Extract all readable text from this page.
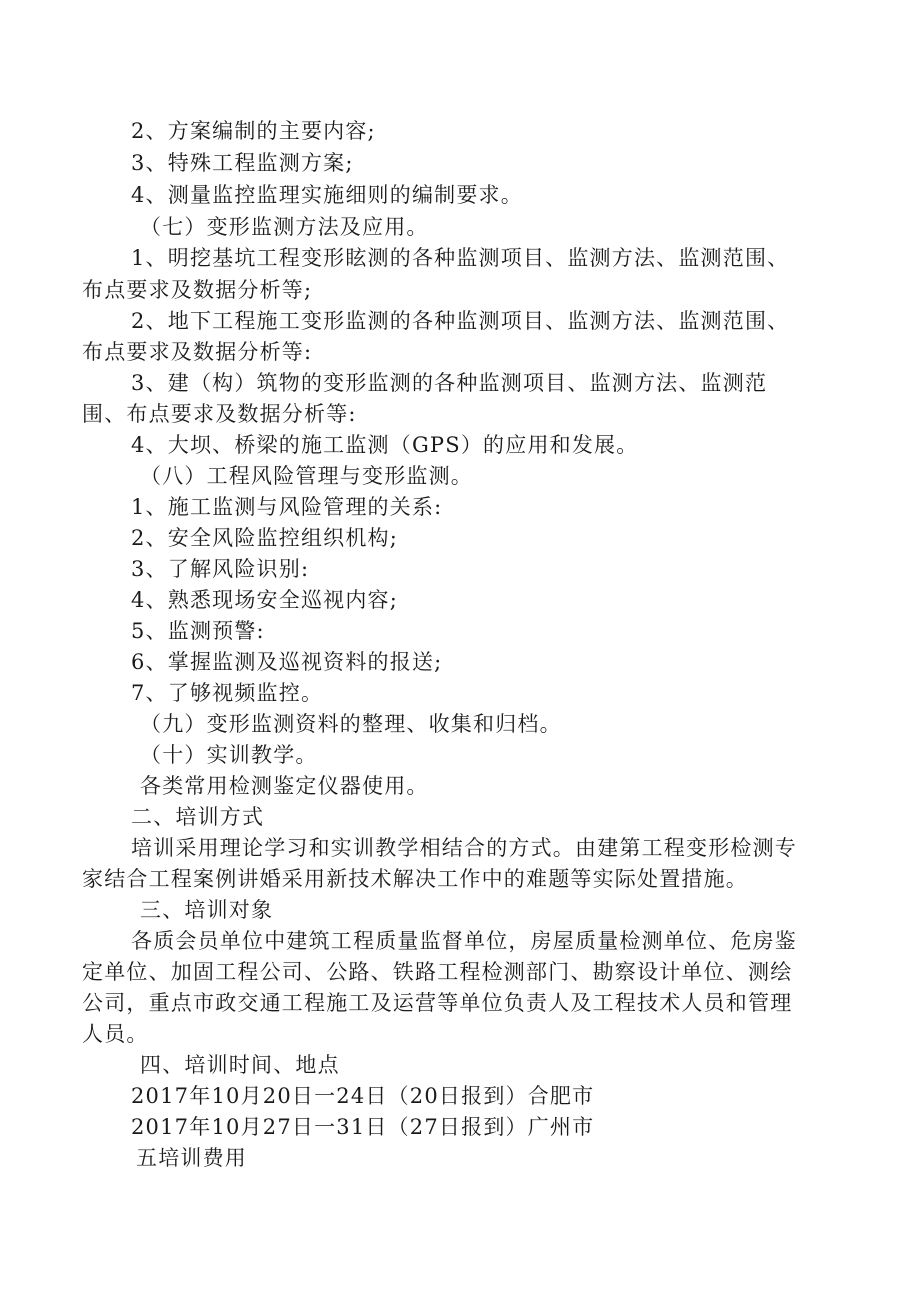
2、方案编制的主要内容;
3、特殊工程监测方案;
4、测量监控监理实施细则的编制要求。
（七）变形监测方法及应用。
1、明挖基坑工程变形眩测的各种监测项目、监测方法、监测范围、
布点要求及数据分析等;
2、地下工程施工变形监测的各种监测项目、监测方法、监测范围、
布点要求及数据分析等:
3、建（构）筑物的变形监测的各种监测项目、监测方法、监测范
围、布点要求及数据分析等:
4、大坝、桥梁的施工监测（GPS）的应用和发展。
（八）工程风险管理与变形监测。
1、施工监测与风险管理的关系:
2、安全风险监控组织机构;
3、了解风险识别:
4、熟悉现场安全巡视内容;
5、监测预警:
6、掌握监测及巡视资料的报送;
7、了够视频监控。
（九）变形监测资料的整理、收集和归档。
（十）实训教学。
各类常用检测鉴定仪器使用。
二、培训方式
培训采用理论学习和实训教学相结合的方式。由建第工程变形检测专
家结合工程案例讲婚采用新技术解决工作中的难题等实际处置措施。
三、培训对象
各质会员单位中建筑工程质量监督单位，房屋质量检测单位、危房鉴
定单位、加固工程公司、公路、铁路工程检测部门、勘察设计单位、测绘
公司，重点市政交通工程施工及运营等单位负责人及工程技术人员和管理
人员。
四、培训时间、地点
2017年10月20日一24日（20日报到）合肥市
2017年10月27日一31日（27日报到）广州市
五培训费用
